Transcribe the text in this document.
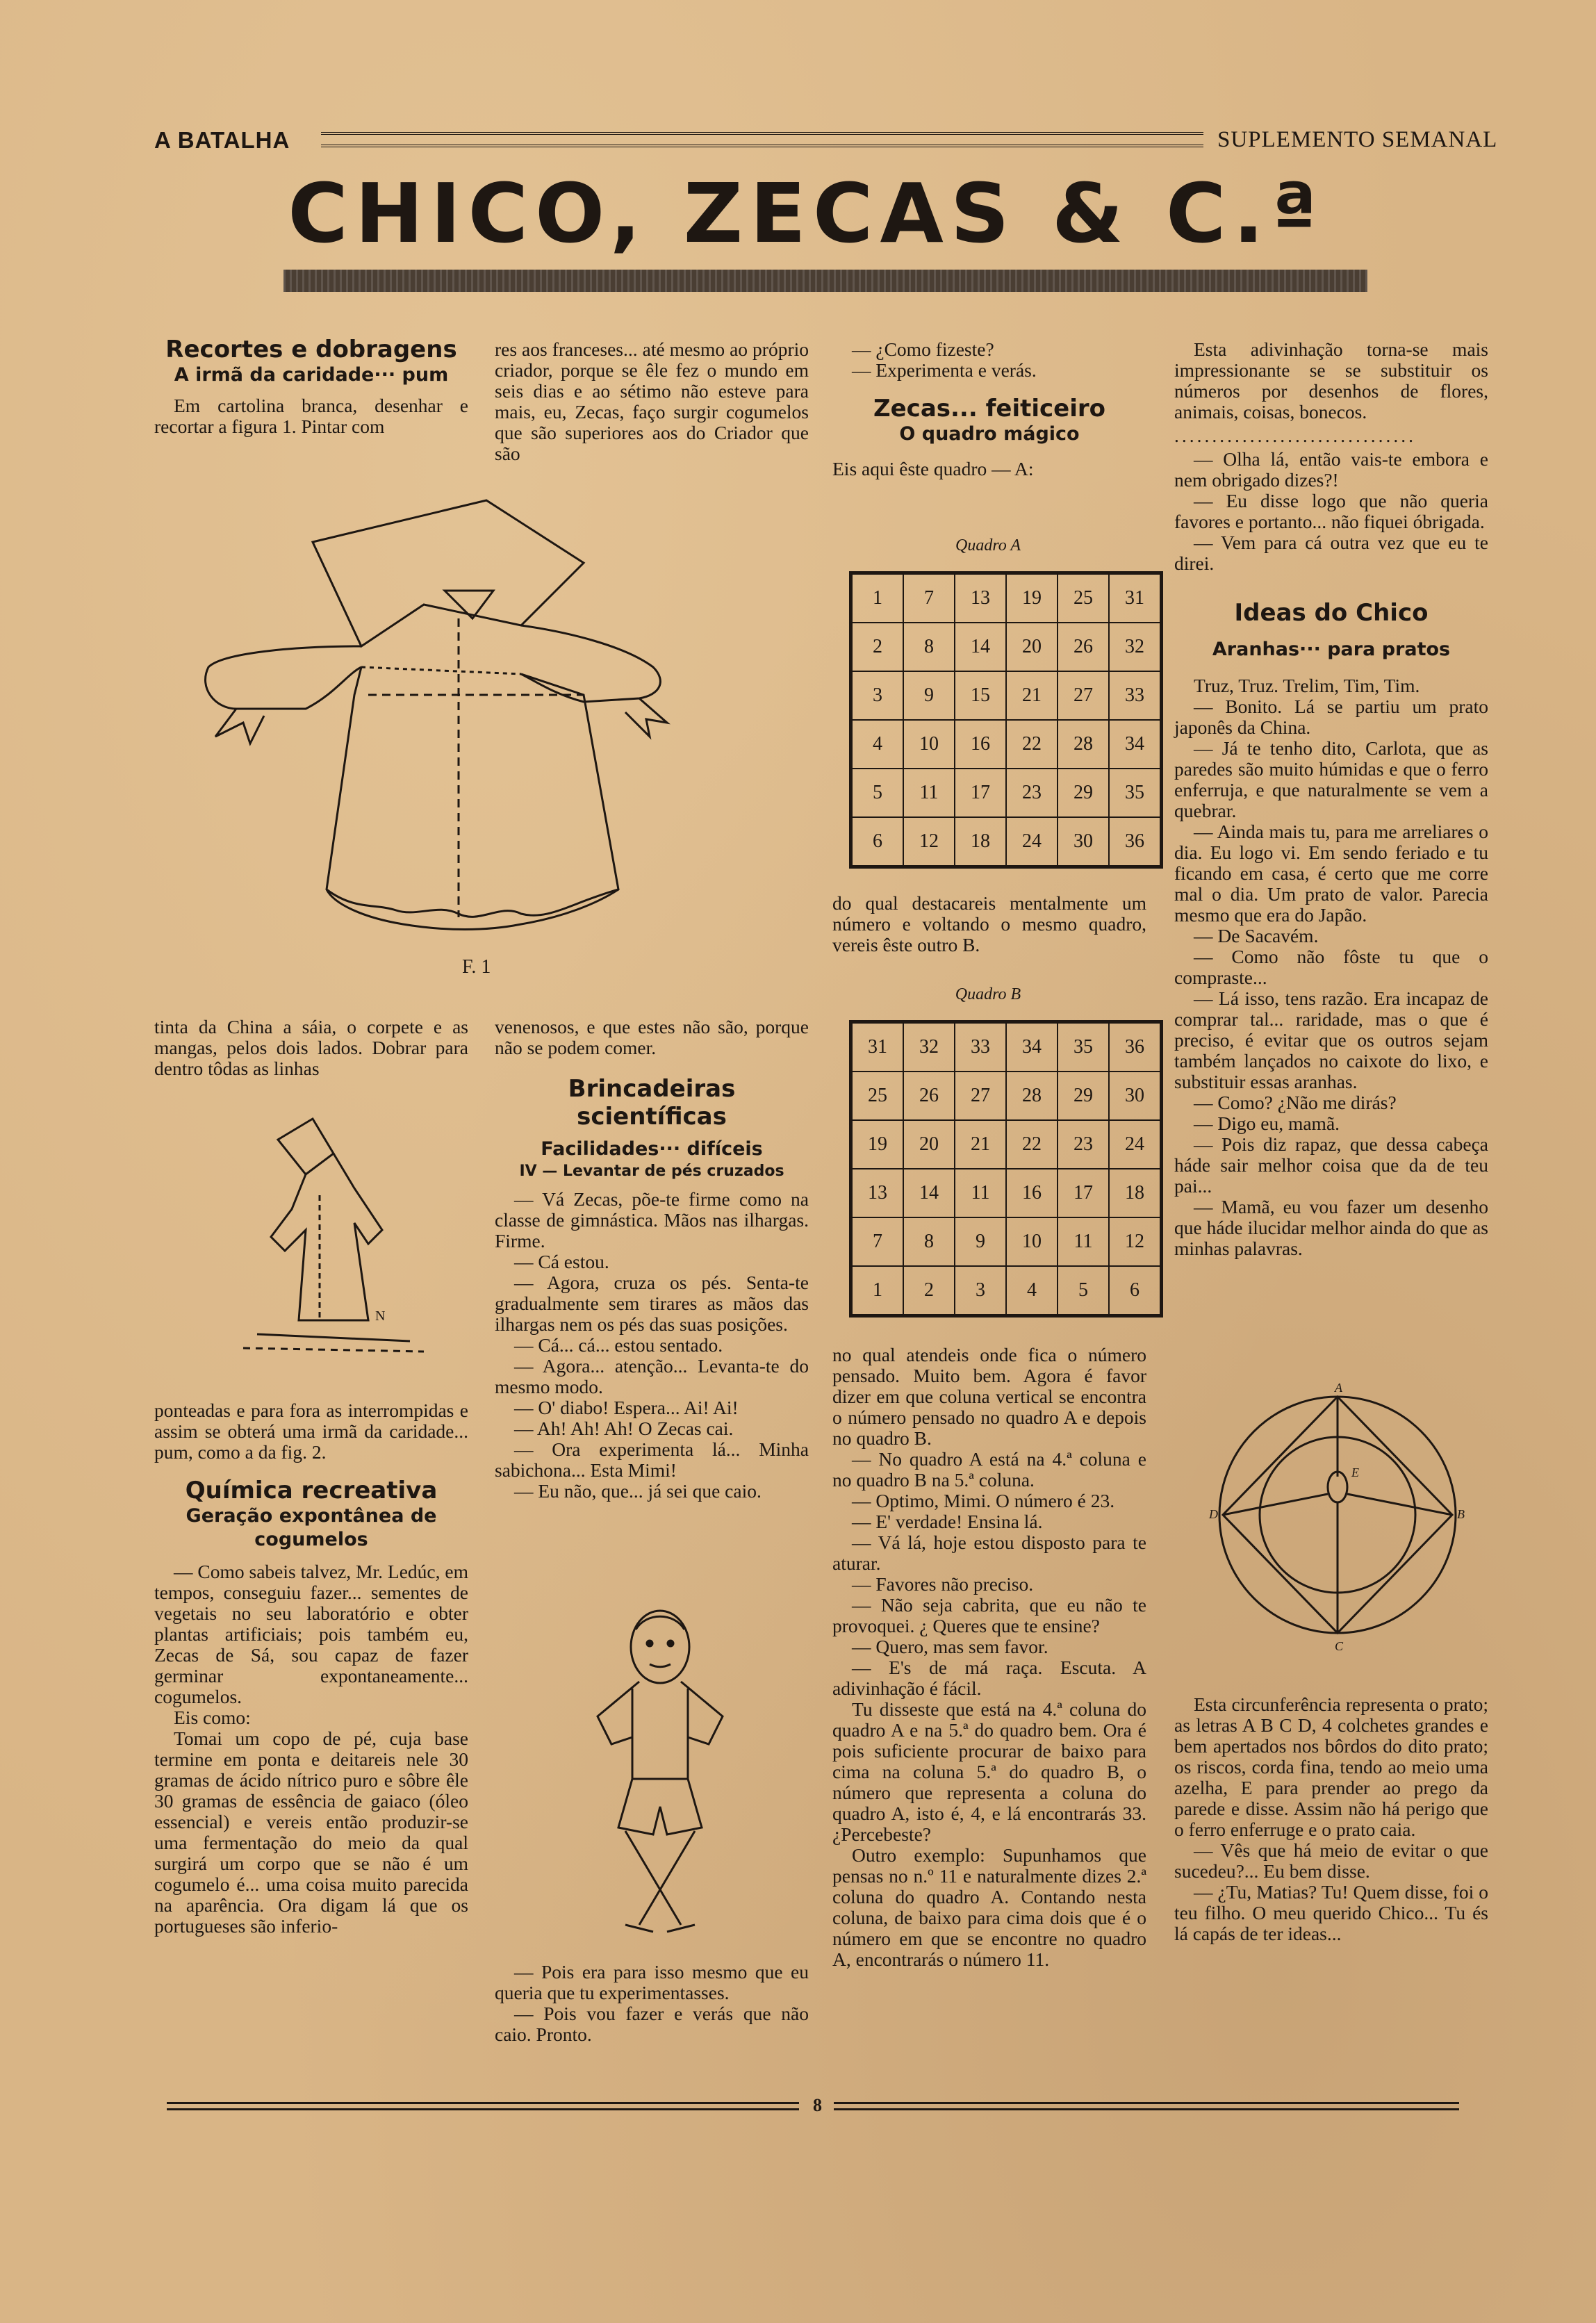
A BATALHA	SUPLEMENTO SEMANAL
CHICO, ZECAS & C.ª
Recortes e dobragens
A irmã da caridade··· pum

Em cartolina branca, desenhar e recortar a figura 1. Pintar com

F. 1

tinta da China a sáia, o corpete e as mangas, pelos dois lados. Dobrar para dentro tôdas as linhas

N

ponteadas e para fora as interrompidas e assim se obterá uma irmã da caridade... pum, como a da fig. 2.

Química recreativa
Geração expontânea de cogumelos

— Como sabeis talvez, Mr. Ledúc, em tempos, conseguiu fazer... sementes de vegetais no seu laboratório e obter plantas artificiais; pois também eu, Zecas de Sá, sou capaz de fazer germinar expontaneamente... cogumelos.

Eis como:

Tomai um copo de pé, cuja base termine em ponta e deitareis nele 30 gramas de ácido nítrico puro e sôbre êle 30 gramas de essência de gaiaco (óleo essencial) e vereis então produzir-se uma fermentação do meio da qual surgirá um corpo que se não é um cogumelo é... uma coisa muito parecida na aparência. Ora digam lá que os portugueses são inferio-

res aos franceses... até mesmo ao próprio criador, porque se êle fez o mundo em seis dias e ao sétimo não esteve para mais, eu, Zecas, faço surgir cogumelos que são superiores aos do Criador que são

venenosos, e que estes não são, porque não se podem comer.

Brincadeiras scientíficas
Facilidades··· difíceis
IV — Levantar de pés cruzados

— Vá Zecas, põe-te firme como na classe de gimnástica. Mãos nas ilhargas. Firme.

— Cá estou.

— Agora, cruza os pés. Senta-te gradualmente sem tirares as mãos das ilhargas nem os pés das suas posições.

— Cá... cá... estou sentado.

— Agora... atenção... Levanta-te do mesmo modo.

— O' diabo! Espera... Ai! Ai!

— Ah! Ah! Ah! O Zecas cai.

— Ora experimenta lá... Minha sabichona... Esta Mimi!

— Eu não, que... já sei que caio.

— Pois era para isso mesmo que eu queria que tu experimentasses.

— Pois vou fazer e verás que não caio. Pronto.

— ¿Como fizeste?

— Experimenta e verás.

Zecas... feiticeiro
O quadro mágico

Eis aqui êste quadro — A:

Quadro A
1	7	13	19	25	31
2	8	14	20	26	32
3	9	15	21	27	33
4	10	16	22	28	34
5	11	17	23	29	35
6	12	18	24	30	36

do qual destacareis mentalmente um número e voltando o mesmo quadro, vereis êste outro B.

Quadro B
31	32	33	34	35	36
25	26	27	28	29	30
19	20	21	22	23	24
13	14	11	16	17	18
7	8	9	10	11	12
1	2	3	4	5	6

no qual atendeis onde fica o número pensado. Muito bem. Agora é favor dizer em que coluna vertical se encontra o número pensado no quadro A e depois no quadro B.

— No quadro A está na 4.ª coluna e no quadro B na 5.ª coluna.

— Optimo, Mimi. O número é 23.

— E' verdade! Ensina lá.

— Vá lá, hoje estou disposto para te aturar.

— Favores não preciso.

— Não seja cabrita, que eu não te provoquei. ¿ Queres que te ensine?

— Quero, mas sem favor.

— E's de má raça. Escuta. A adivinhação é fácil.

Tu disseste que está na 4.ª coluna do quadro A e na 5.ª do quadro bem. Ora é pois suficiente procurar de baixo para cima na coluna 5.ª do quadro B, o número que representa a coluna do quadro A, isto é, 4, e lá encontrarás 33. ¿Percebeste?

Outro exemplo: Supunhamos que pensas no n.º 11 e naturalmente dizes 2.ª coluna do quadro A. Contando nesta coluna, de baixo para cima dois que é o número em que se encontre no quadro A, encontrarás o número 11.

Esta adivinhação torna-se mais impressionante se se substituir os números por desenhos de flores, animais, coisas, bonecos.

................................

— Olha lá, então vais-te embora e nem obrigado dizes?!

— Eu disse logo que não queria favores e portanto... não fiquei óbrigada.

— Vem para cá outra vez que eu te direi.

Ideas do Chico
Aranhas··· para pratos

Truz, Truz. Trelim, Tim, Tim.

— Bonito. Lá se partiu um prato japonês da China.

— Já te tenho dito, Carlota, que as paredes são muito húmidas e que o ferro enferruja, e que naturalmente se vem a quebrar.

— Ainda mais tu, para me arreliares o dia. Eu logo vi. Em sendo feriado e tu ficando em casa, é certo que me corre mal o dia. Um prato de valor. Parecia mesmo que era do Japão.

— De Sacavém.

— Como não fôste tu que o compraste...

— Lá isso, tens razão. Era incapaz de comprar tal... raridade, mas o que é preciso, é evitar que os outros sejam também lançados no caixote do lixo, e substituir essas aranhas.

— Como? ¿Não me dirás?

— Digo eu, mamã.

— Pois diz rapaz, que dessa cabeça háde sair melhor coisa que da de teu pai...

— Mamã, eu vou fazer um desenho que háde ilucidar melhor ainda do que as minhas palavras.

A
B
C
D
E

Esta circunferência representa o prato; as letras A B C D, 4 colchetes grandes e bem apertados nos bôrdos do dito prato; os riscos, corda fina, tendo ao meio uma azelha, E para prender ao prego da parede e disse. Assim não há perigo que o ferro enferruge e o prato caia.

— Vês que há meio de evitar o que sucedeu?... Eu bem disse.

— ¿Tu, Matias? Tu! Quem disse, foi o teu filho. O meu querido Chico... Tu és lá capás de ter ideas...

8
